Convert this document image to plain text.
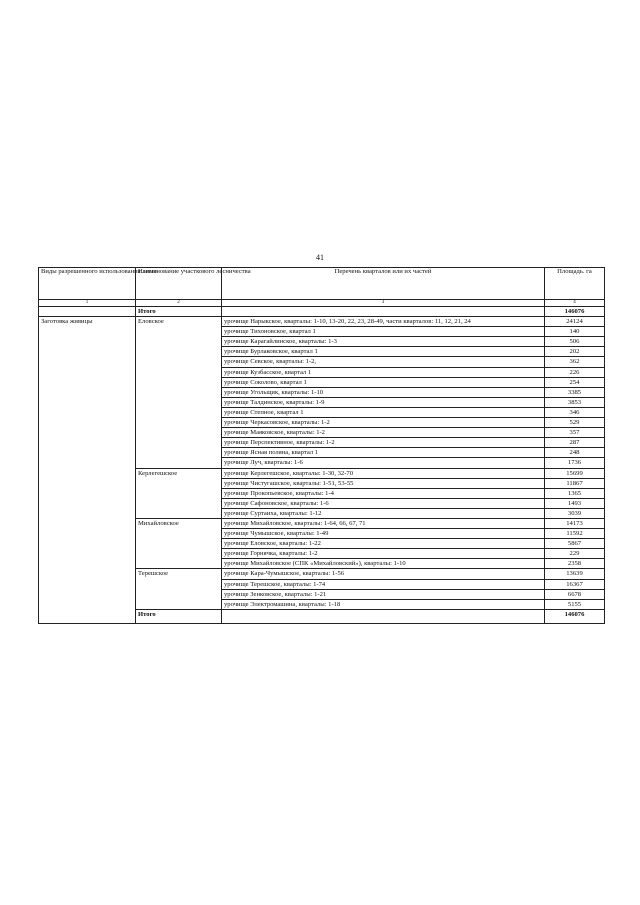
41
Виды разрешенного использования лесов	Наименование участкового лесничества	Перечень кварталов или их частей	Площадь. га
1	2	3	4
	Итого		146076
Заготовка живицы	Еловское	урочище Нарыкское, кварталы: 1-10, 13-20, 22, 23, 28-49, части кварталов: 11, 12, 21, 24	24124
		урочище Тихоновское, квартал 1	140
		урочище Карагайлинское, кварталы: 1-3	506
		урочище Бурлаковское, квартал 1	202
		урочище Севское, кварталы: 1-2,	362
		урочище Кузбасское, квартал 1	226
		урочище Соколово, квартал 1	254
		урочище Угольщик, кварталы: 1-10	3385
		урочище Талдинское, кварталы: 1-9	3853
		урочище Степное, квартал 1	346
		урочище Черкасовское, кварталы: 1-2	529
		урочище Маяковское, кварталы: 1-2	357
		урочище Перспективное, кварталы: 1-2	287
		урочище Ясная поляна, квартал 1	248
		урочище Луч, кварталы: 1-6	1736
	Керлегешское	урочище Керлегешское, кварталы: 1-30, 32-70	15699
		урочище Чистугашское, кварталы: 1-51, 53-55	11867
		урочище Прокопьевское, кварталы: 1-4	1365
		урочище Сафоновское, кварталы: 1-6	1493
		урочище Суртаиха, кварталы: 1-12	3039
	Михайловское	урочище Михайловское, кварталы: 1-64, 66, 67, 71	14173
		урочище Чумышское, кварталы: 1-49	11592
		урочище Еловское, кварталы: 1-22	5867
		урочище Горнячка, кварталы: 1-2	229
		урочище Михайловское (СПК «Михайловский»), кварталы: 1-10	2358
	Терешское	урочище Кара-Чумышское, кварталы: 1-56	13639
		урочище Терешское, кварталы: 1-74	16367
		урочище Зенковское, кварталы: 1-21	6678
		урочище Электромашина, кварталы: 1-18	5155
	Итого		146076
